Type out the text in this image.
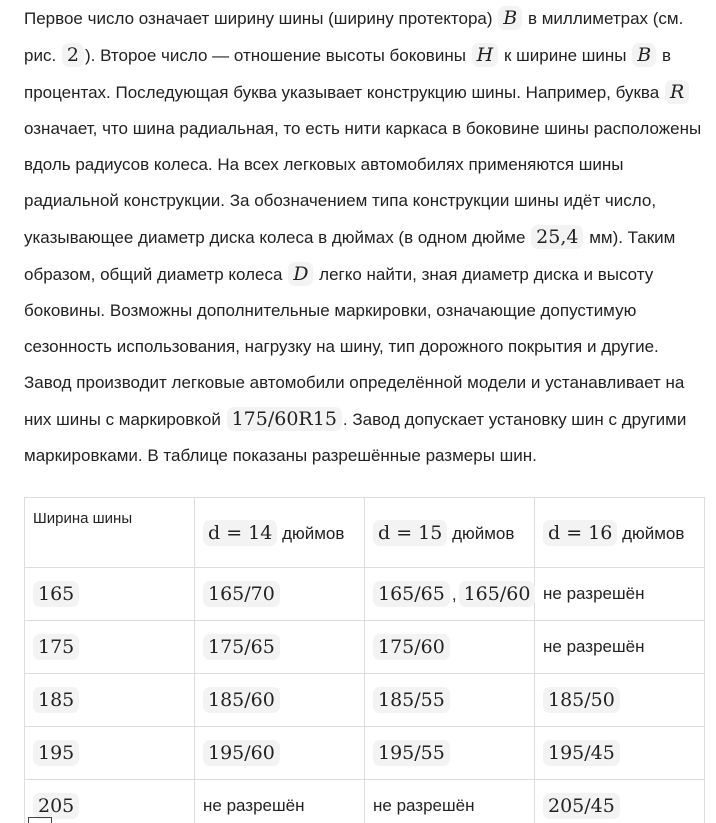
Первое число означает ширину шины (ширину протектора) B в миллиметрах (см. рис. 2 ). Второе число — отношение высоты боковины H к ширине шины B в процентах. Последующая буква указывает конструкцию шины. Например, буква R означает, что шина радиальная, то есть нити каркаса в боковине шины расположены вдоль радиусов колеса. На всех легковых автомобилях применяются шины радиальной конструкции. За обозначением типа конструкции шины идёт число, указывающее диаметр диска колеса в дюймах (в одном дюйме 25,4 мм). Таким образом, общий диаметр колеса D легко найти, зная диаметр диска и высоту боковины. Возможны дополнительные маркировки, означающие допустимую сезонность использования, нагрузку на шину, тип дорожного покрытия и другие. Завод производит легковые автомобили определённой модели и устанавливает на них шины с маркировкой 175/60R15 . Завод допускает установку шин с другими маркировками. В таблице показаны разрешённые размеры шин.

Ширина шины	d = 14 дюймов	d = 15 дюймов	d = 16 дюймов
165	165/70	165/65 , 165/60	не разрешён
175	175/65	175/60	не разрешён
185	185/60	185/55	185/50
195	195/60	195/55	195/45
205	не разрешён	не разрешён	205/45
